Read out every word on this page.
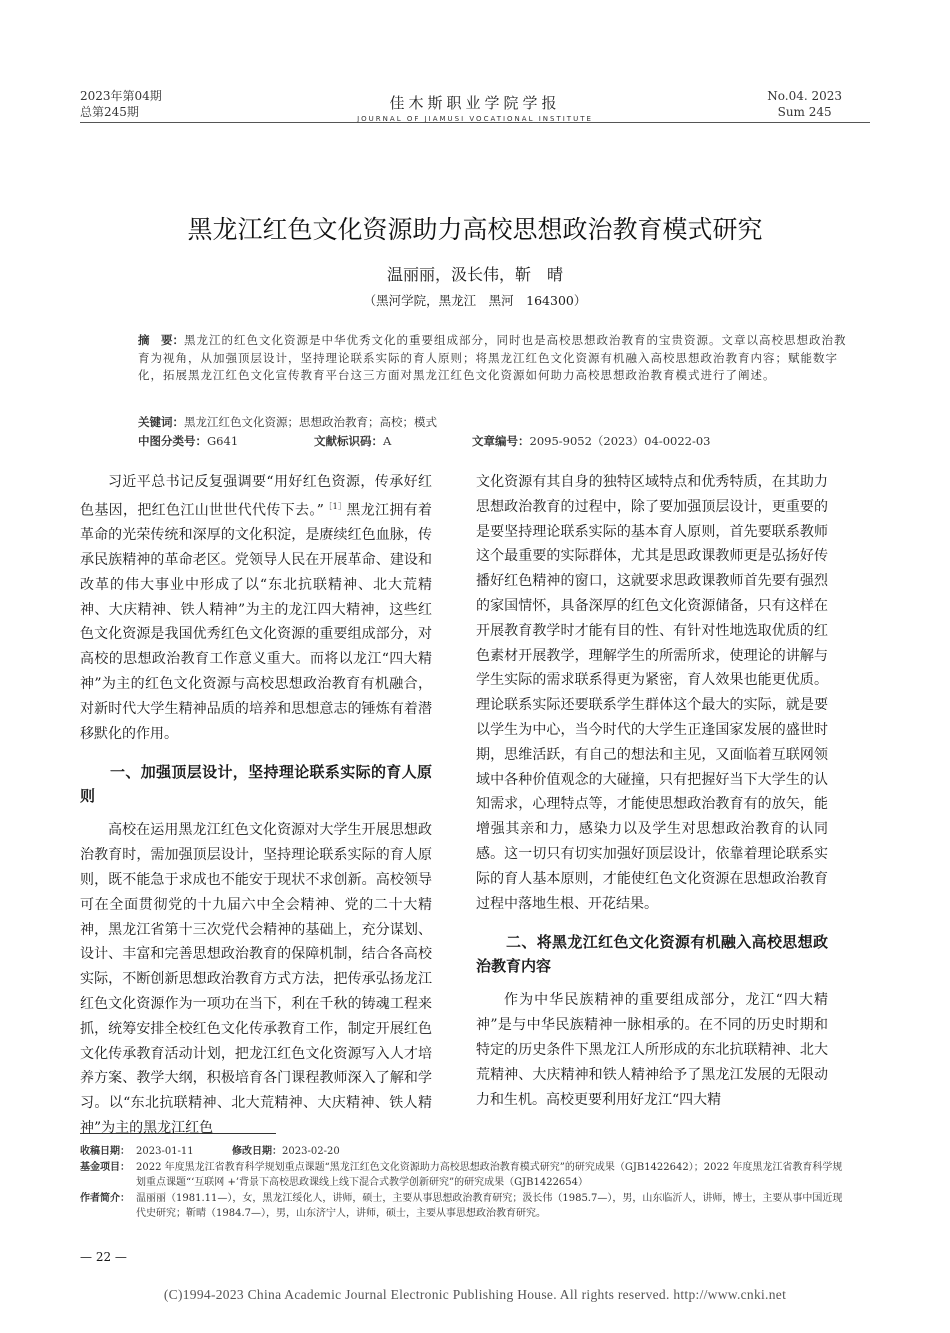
2023年第04期
总第245期	佳木斯职业学院学报
JOURNAL OF JIAMUSI VOCATIONAL INSTITUTE
No.04. 2023
Sum 245
黑龙江红色文化资源助力高校思想政治教育模式研究
温丽丽，汲长伟，靳　晴
（黑河学院，黑龙江　黑河　164300）
摘　要：黑龙江的红色文化资源是中华优秀文化的重要组成部分，同时也是高校思想政治教育的宝贵资源。文章以高校思想政治教育为视角，从加强顶层设计，坚持理论联系实际的育人原则；将黑龙江红色文化资源有机融入高校思想政治教育内容；赋能数字化，拓展黑龙江红色文化宣传教育平台这三方面对黑龙江红色文化资源如何助力高校思想政治教育模式进行了阐述。
关键词：黑龙江红色文化资源；思想政治教育；高校；模式
中图分类号：G641	文献标识码：A	文章编号：2095-9052（2023）04-0022-03

习近平总书记反复强调要“用好红色资源，传承好红色基因，把红色江山世世代代传下去。”$^{[1]}$黑龙江拥有着革命的光荣传统和深厚的文化积淀，是赓续红色血脉，传承民族精神的革命老区。党领导人民在开展革命、建设和改革的伟大事业中形成了以“东北抗联精神、北大荒精神、大庆精神、铁人精神”为主的龙江四大精神，这些红色文化资源是我国优秀红色文化资源的重要组成部分，对高校的思想政治教育工作意义重大。而将以龙江“四大精神”为主的红色文化资源与高校思想政治教育有机融合，对新时代大学生精神品质的培养和思想意志的锤炼有着潜移默化的作用。

一、加强顶层设计，坚持理论联系实际的育人原则

高校在运用黑龙江红色文化资源对大学生开展思想政治教育时，需加强顶层设计，坚持理论联系实际的育人原则，既不能急于求成也不能安于现状不求创新。高校领导可在全面贯彻党的十九届六中全会精神、党的二十大精神，黑龙江省第十三次党代会精神的基础上，充分谋划、设计、丰富和完善思想政治教育的保障机制，结合各高校实际，不断创新思想政治教育方式方法，把传承弘扬龙江红色文化资源作为一项功在当下，利在千秋的铸魂工程来抓，统筹安排全校红色文化传承教育工作，制定开展红色文化传承教育活动计划，把龙江红色文化资源写入人才培养方案、教学大纲，积极培育各门课程教师深入了解和学习。以“东北抗联精神、北大荒精神、大庆精神、铁人精神”为主的黑龙江红色

文化资源有其自身的独特区域特点和优秀特质，在其助力思想政治教育的过程中，除了要加强顶层设计，更重要的是要坚持理论联系实际的基本育人原则，首先要联系教师这个最重要的实际群体，尤其是思政课教师更是弘扬好传播好红色精神的窗口，这就要求思政课教师首先要有强烈的家国情怀，具备深厚的红色文化资源储备，只有这样在开展教育教学时才能有目的性、有针对性地选取优质的红色素材开展教学，理解学生的所需所求，使理论的讲解与学生实际的需求联系得更为紧密，育人效果也能更优质。理论联系实际还要联系学生群体这个最大的实际，就是要以学生为中心，当今时代的大学生正逢国家发展的盛世时期，思维活跃，有自己的想法和主见，又面临着互联网领域中各种价值观念的大碰撞，只有把握好当下大学生的认知需求，心理特点等，才能使思想政治教育有的放矢，能增强其亲和力，感染力以及学生对思想政治教育的认同感。这一切只有切实加强好顶层设计，依靠着理论联系实际的育人基本原则，才能使红色文化资源在思想政治教育过程中落地生根、开花结果。

二、将黑龙江红色文化资源有机融入高校思想政治教育内容

作为中华民族精神的重要组成部分，龙江“四大精神”是与中华民族精神一脉相承的。在不同的历史时期和特定的历史条件下黑龙江人所形成的东北抗联精神、北大荒精神、大庆精神和铁人精神给予了黑龙江发展的无限动力和生机。高校更要利用好龙江“四大精

收稿日期： 2023-01-11	修改日期：2023-02-20
基金项目： 2022 年度黑龙江省教育科学规划重点课题“黑龙江红色文化资源助力高校思想政治教育模式研究”的研究成果（GJB1422642）；2022 年度黑龙江省教育科学规划重点课题“‘互联网 +’背景下高校思政课线上线下混合式教学创新研究”的研究成果（GJB1422654）
作者简介： 温丽丽（1981.11—），女，黑龙江绥化人，讲师，硕士，主要从事思想政治教育研究；汲长伟（1985.7—），男，山东临沂人，讲师，博士，主要从事中国近现代史研究；靳晴（1984.7—），男，山东济宁人，讲师，硕士，主要从事思想政治教育研究。
— 22 —
(C)1994-2023 China Academic Journal Electronic Publishing House. All rights reserved. http://www.cnki.net
